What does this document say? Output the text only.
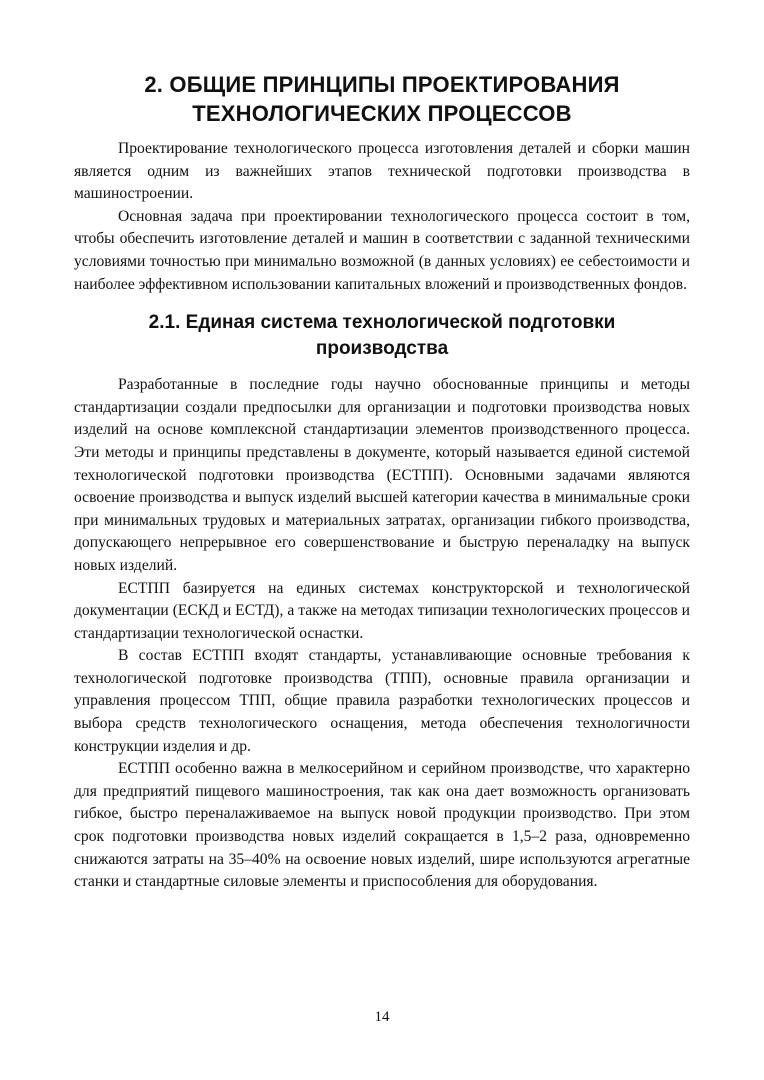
2. ОБЩИЕ ПРИНЦИПЫ ПРОЕКТИРОВАНИЯ
ТЕХНОЛОГИЧЕСКИХ ПРОЦЕССОВ

Проектирование технологического процесса изготовления деталей и сборки машин является одним из важнейших этапов технической подготовки производства в машиностроении.

Основная задача при проектировании технологического процесса состоит в том, чтобы обеспечить изготовление деталей и машин в соответствии с заданной техническими условиями точностью при минимально возможной (в данных условиях) ее себестоимости и наиболее эффективном использовании капитальных вложений и производственных фондов.

2.1. Единая система технологической подготовки
производства

Разработанные в последние годы научно обоснованные принципы и методы стандартизации создали предпосылки для организации и подготовки производства новых изделий на основе комплексной стандартизации элементов производственного процесса. Эти методы и принципы представлены в документе, который называется единой системой технологической подготовки производства (ЕСТПП). Основными задачами являются освоение производства и выпуск изделий высшей категории качества в минимальные сроки при минимальных трудовых и материальных затратах, организации гибкого производства, допускающего непрерывное его совершенствование и быструю переналадку на выпуск новых изделий.

ЕСТПП базируется на единых системах конструкторской и технологической документации (ЕСКД и ЕСТД), а также на методах типизации технологических процессов и стандартизации технологической оснастки.

В состав ЕСТПП входят стандарты, устанавливающие основные требования к технологической подготовке производства (ТПП), основные правила организации и управления процессом ТПП, общие правила разработки технологических процессов и выбора средств технологического оснащения, метода обеспечения технологичности конструкции изделия и др.

ЕСТПП особенно важна в мелкосерийном и серийном производстве, что характерно для предприятий пищевого машиностроения, так как она дает возможность организовать гибкое, быстро переналаживаемое на выпуск новой продукции производство. При этом срок подготовки производства новых изделий сокращается в 1,5–2 раза, одновременно снижаются затраты на 35–40% на освоение новых изделий, шире используются агрегатные станки и стандартные силовые элементы и приспособления для оборудования.

14
